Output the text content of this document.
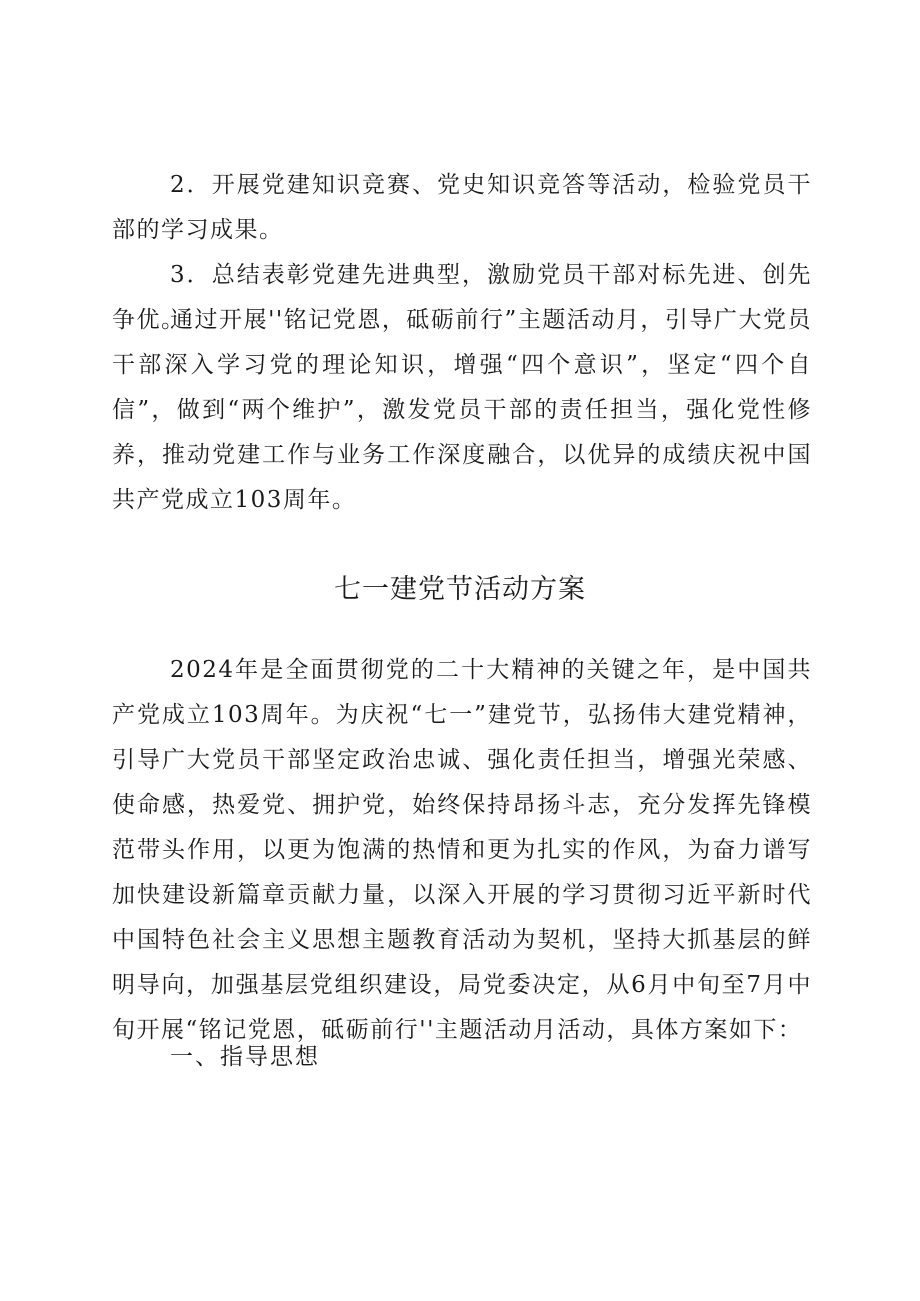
2．开展党建知识竞赛、党史知识竞答等活动，检验党员干部的学习成果。

3．总结表彰党建先进典型，激励党员干部对标先进、创先争优。

通过开展''铭记党恩，砥砺前行”主题活动月，引导广大党员干部深入学习党的理论知识，增强“四个意识”，坚定“四个自信”，做到“两个维护”，激发党员干部的责任担当，强化党性修养，推动党建工作与业务工作深度融合，以优异的成绩庆祝中国共产党成立103周年。

七一建党节活动方案

2024年是全面贯彻党的二十大精神的关键之年，是中国共产党成立103周年。为庆祝“七一”建党节，弘扬伟大建党精神，引导广大党员干部坚定政治忠诚、强化责任担当，增强光荣感、使命感，热爱党、拥护党，始终保持昂扬斗志，充分发挥先锋模范带头作用，以更为饱满的热情和更为扎实的作风，为奋力谱写加快建设新篇章贡献力量，以深入开展的学习贯彻习近平新时代中国特色社会主义思想主题教育活动为契机，坚持大抓基层的鲜明导向，加强基层党组织建设，局党委决定，从6月中旬至7月中旬开展“铭记党恩，砥砺前行''主题活动月活动，具体方案如下：

一、指导思想
